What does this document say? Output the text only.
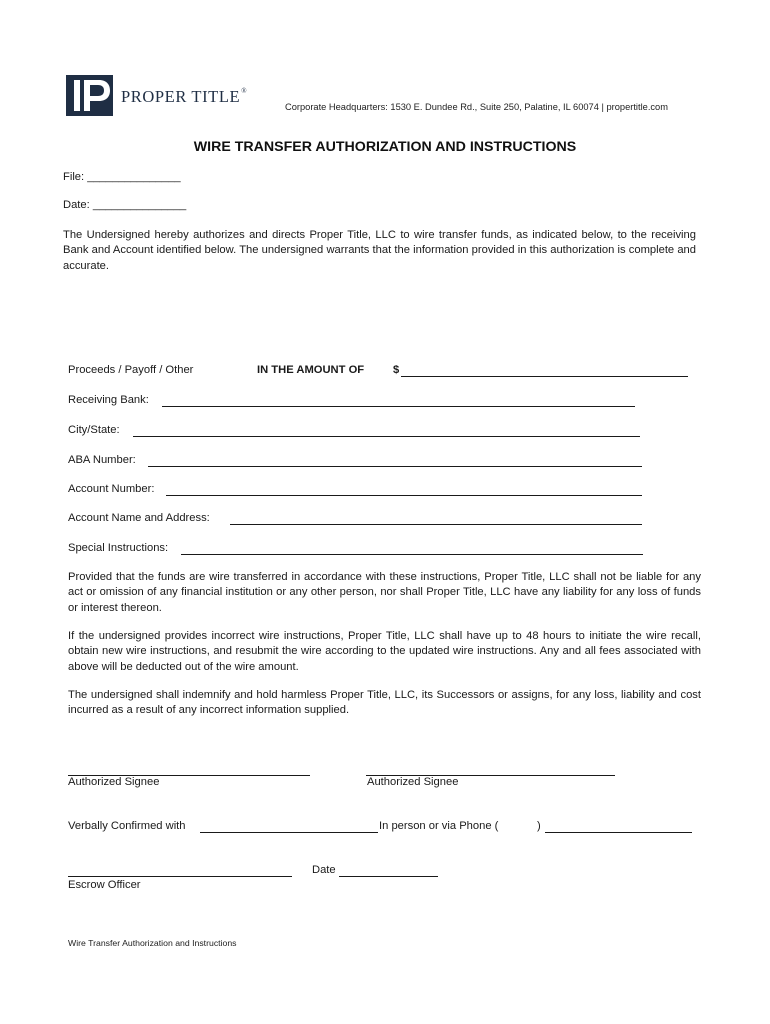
PROPER TITLE®
Corporate Headquarters: 1530 E. Dundee Rd., Suite 250, Palatine, IL 60074 | propertitle.com
WIRE TRANSFER AUTHORIZATION AND INSTRUCTIONS
File: _______________
Date: _______________
The Undersigned hereby authorizes and directs Proper Title, LLC to wire transfer funds, as indicated below, to the receiving Bank and Account identified below. The undersigned warrants that the information provided in this authorization is complete and accurate.
Proceeds / Payoff / Other	IN THE AMOUNT OF	$
Receiving Bank:
City/State:
ABA Number:
Account Number:
Account Name and Address:
Special Instructions:
Provided that the funds are wire transferred in accordance with these instructions, Proper Title, LLC shall not be liable for any act or omission of any financial institution or any other person, nor shall Proper Title, LLC have any liability for any loss of funds or interest thereon.
If the undersigned provides incorrect wire instructions, Proper Title, LLC shall have up to 48 hours to initiate the wire recall, obtain new wire instructions, and resubmit the wire according to the updated wire instructions. Any and all fees associated with above will be deducted out of the wire amount.
The undersigned shall indemnify and hold harmless Proper Title, LLC, its Successors or assigns, for any loss, liability and cost incurred as a result of any incorrect information supplied.
Authorized Signee	Authorized Signee
Verbally Confirmed with	In person or via Phone (	)
Date
Escrow Officer
Wire Transfer Authorization and Instructions
